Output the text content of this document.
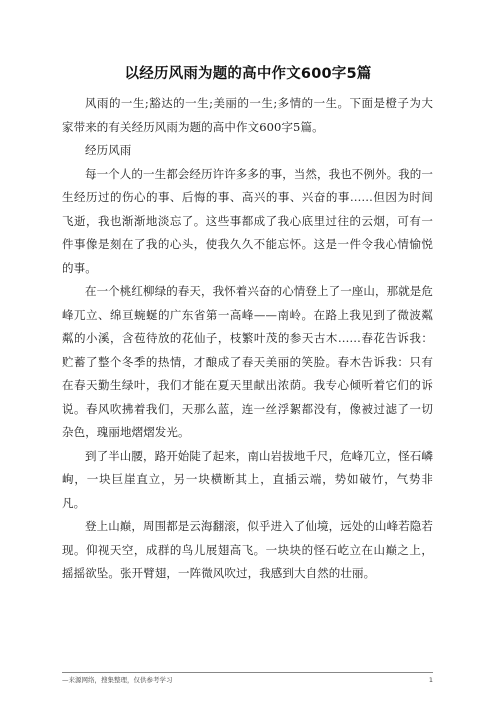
以经历风雨为题的高中作文600字5篇

风雨的一生;豁达的一生;美丽的一生;多情的一生。下面是橙子为大家带来的有关经历风雨为题的高中作文600字5篇。

经历风雨

每一个人的一生都会经历许许多多的事，当然，我也不例外。我的一生经历过的伤心的事、后悔的事、高兴的事、兴奋的事……但因为时间飞逝，我也渐渐地淡忘了。这些事都成了我心底里过往的云烟，可有一件事像是刻在了我的心头，使我久久不能忘怀。这是一件令我心情愉悦的事。

在一个桃红柳绿的春天，我怀着兴奋的心情登上了一座山，那就是危峰兀立、绵亘蜿蜒的广东省第一高峰——南岭。在路上我见到了微波粼粼的小溪，含苞待放的花仙子，枝繁叶茂的参天古木……春花告诉我：贮蓄了整个冬季的热情，才酿成了春天美丽的笑脸。春木告诉我：只有在春天勤生绿叶，我们才能在夏天里献出浓荫。我专心倾听着它们的诉说。春风吹拂着我们，天那么蓝，连一丝浮絮都没有，像被过滤了一切杂色，瑰丽地熠熠发光。

到了半山腰，路开始陡了起来，南山岩拔地千尺，危峰兀立，怪石嶙峋，一块巨崖直立，另一块横断其上，直插云端，势如破竹，气势非凡。

登上山巅，周围都是云海翻滚，似乎进入了仙境，远处的山峰若隐若现。仰视天空，成群的鸟儿展翅高飞。一块块的怪石屹立在山巅之上，摇摇欲坠。张开臂翅，一阵微风吹过，我感到大自然的壮丽。

—来源网络，搜集整理，仅供参考学习	1
